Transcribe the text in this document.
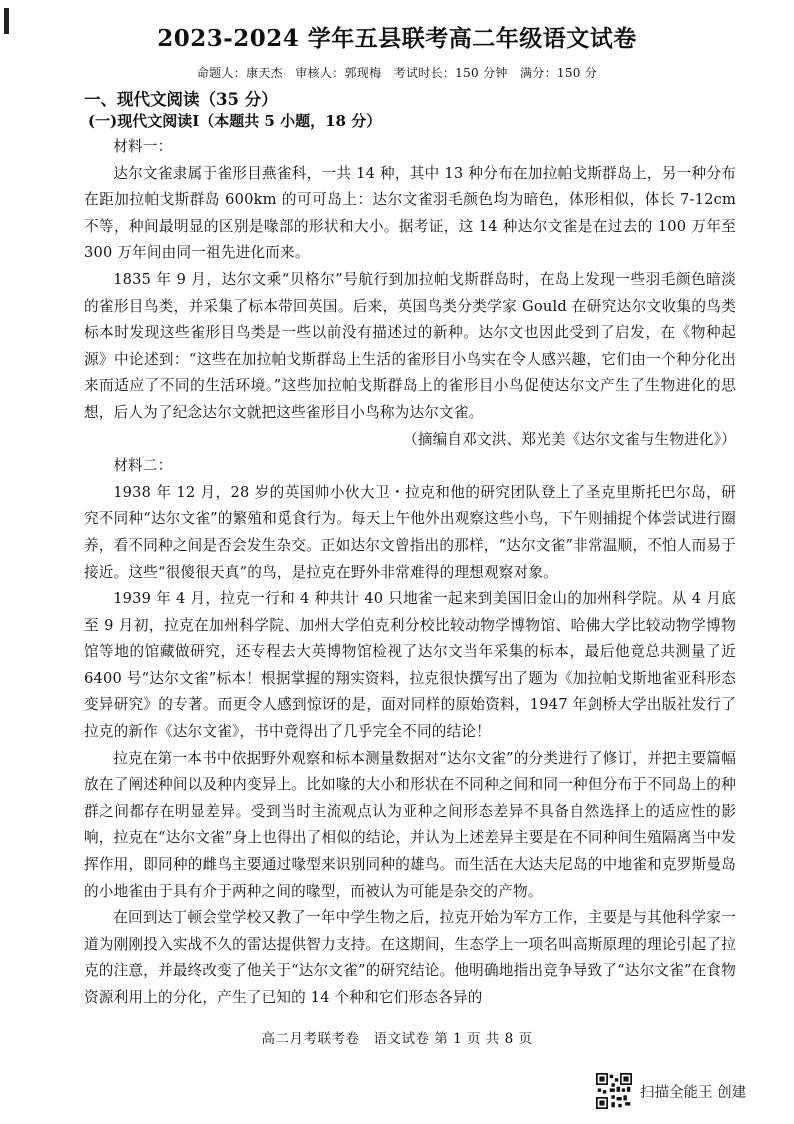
2023-2024 学年五县联考高二年级语文试卷
命题人：康天杰　审核人：郭现梅　考试时长：150 分钟　满分：150 分
一、现代文阅读（35 分）
(一)现代文阅读Ⅰ（本题共 5 小题，18 分）

材料一：

达尔文雀隶属于雀形目燕雀科，一共 14 种，其中 13 种分布在加拉帕戈斯群岛上，另一种分布在距加拉帕戈斯群岛 600km 的可可岛上：达尔文雀羽毛颜色均为暗色，体形相似，体长 7-12cm 不等，种间最明显的区别是喙部的形状和大小。据考证，这 14 种达尔文雀是在过去的 100 万年至 300 万年间由同一祖先进化而来。

1835 年 9 月，达尔文乘“贝格尔”号航行到加拉帕戈斯群岛时，在岛上发现一些羽毛颜色暗淡的雀形目鸟类，并采集了标本带回英国。后来，英国鸟类分类学家 Gould 在研究达尔文收集的鸟类标本时发现这些雀形目鸟类是一些以前没有描述过的新种。达尔文也因此受到了启发，在《物种起源》中论述到：“这些在加拉帕戈斯群岛上生活的雀形目小鸟实在令人感兴趣，它们由一个种分化出来而适应了不同的生活环境。”这些加拉帕戈斯群岛上的雀形目小鸟促使达尔文产生了生物进化的思想，后人为了纪念达尔文就把这些雀形目小鸟称为达尔文雀。

（摘编自邓文洪、郑光美《达尔文雀与生物进化》）

材料二：

1938 年 12 月，28 岁的英国帅小伙大卫・拉克和他的研究团队登上了圣克里斯托巴尔岛，研究不同种“达尔文雀”的繁殖和觅食行为。每天上午他外出观察这些小鸟，下午则捕捉个体尝试进行圈养，看不同种之间是否会发生杂交。正如达尔文曾指出的那样，“达尔文雀”非常温顺，不怕人而易于接近。这些“很傻很天真”的鸟，是拉克在野外非常难得的理想观察对象。

1939 年 4 月，拉克一行和 4 种共计 40 只地雀一起来到美国旧金山的加州科学院。从 4 月底至 9 月初，拉克在加州科学院、加州大学伯克利分校比较动物学博物馆、哈佛大学比较动物学博物馆等地的馆藏做研究，还专程去大英博物馆检视了达尔文当年采集的标本，最后他竟总共测量了近 6400 号“达尔文雀”标本！根据掌握的翔实资料，拉克很快撰写出了题为《加拉帕戈斯地雀亚科形态变异研究》的专著。而更令人感到惊讶的是，面对同样的原始资料，1947 年剑桥大学出版社发行了拉克的新作《达尔文雀》，书中竟得出了几乎完全不同的结论！

拉克在第一本书中依据野外观察和标本测量数据对“达尔文雀”的分类进行了修订，并把主要篇幅放在了阐述种间以及种内变异上。比如喙的大小和形状在不同种之间和同一种但分布于不同岛上的种群之间都存在明显差异。受到当时主流观点认为亚种之间形态差异不具备自然选择上的适应性的影响，拉克在“达尔文雀”身上也得出了相似的结论，并认为上述差异主要是在不同种间生殖隔离当中发挥作用，即同种的雌鸟主要通过喙型来识别同种的雄鸟。而生活在大达夫尼岛的中地雀和克罗斯曼岛的小地雀由于具有介于两种之间的喙型，而被认为可能是杂交的产物。

在回到达丁顿会堂学校又教了一年中学生物之后，拉克开始为军方工作，主要是与其他科学家一道为刚刚投入实战不久的雷达提供智力支持。在这期间，生态学上一项名叫高斯原理的理论引起了拉克的注意，并最终改变了他关于“达尔文雀”的研究结论。他明确地指出竞争导致了“达尔文雀”在食物资源利用上的分化，产生了已知的 14 个种和它们形态各异的

高二月考联考卷　语文试卷 第 1 页 共 8 页
扫描全能王 创建
